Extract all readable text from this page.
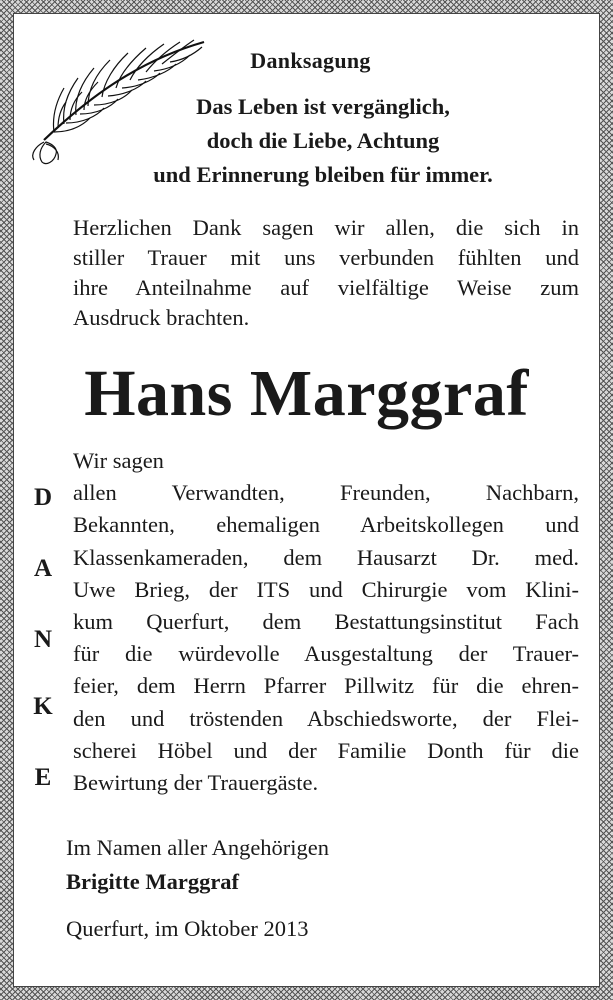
Danksagung
Das Leben ist vergänglich,
doch die Liebe, Achtung
und Erinnerung bleiben für immer.
Herzlichen Dank sagen wir allen, die sich in
stiller Trauer mit uns verbunden fühlten und
ihre Anteilnahme auf vielfältige Weise zum
Ausdruck brachten.
Hans Marggraf
Wir sagen
allen Verwandten, Freunden, Nachbarn,
Bekannten, ehemaligen Arbeitskollegen und
Klassenkameraden, dem Hausarzt Dr. med.
Uwe Brieg, der ITS und Chirurgie vom Klini-
kum Querfurt, dem Bestattungsinstitut Fach
für die würdevolle Ausgestaltung der Trauer-
feier, dem Herrn Pfarrer Pillwitz für die ehren-
den und tröstenden Abschiedsworte, der Flei-
scherei Höbel und der Familie Donth für die
Bewirtung der Trauergäste.
D
A
N
K
E
Im Namen aller Angehörigen
Brigitte Marggraf
Querfurt, im Oktober 2013
